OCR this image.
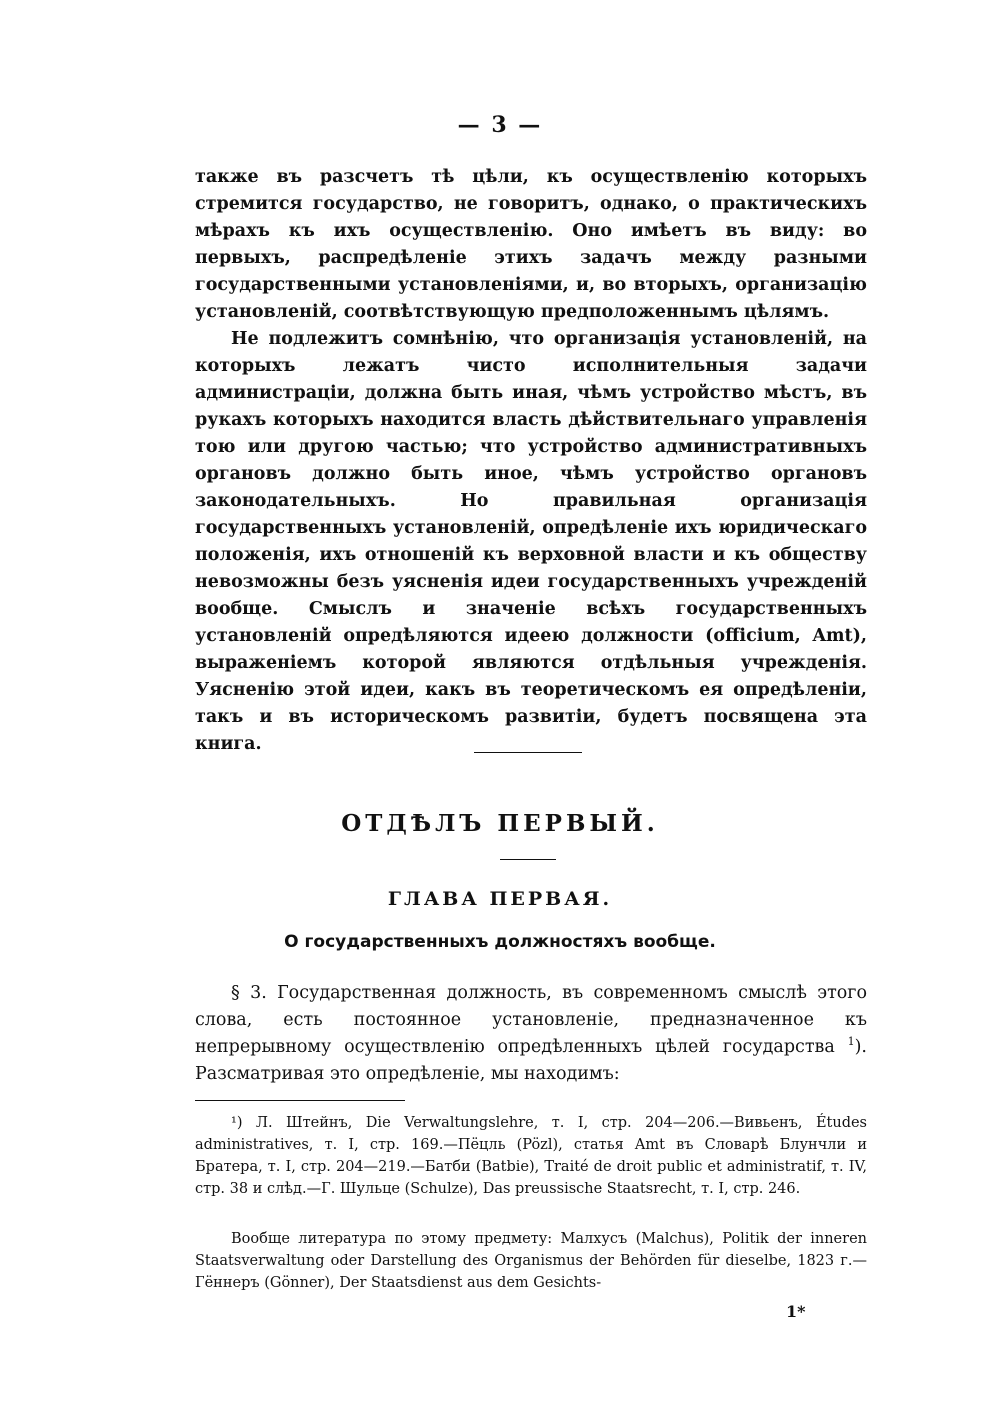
— 3 —
также въ разсчетъ тѣ цѣли, къ осуществленію которыхъ стремится государство, не говоритъ, однако, о практическихъ мѣрахъ къ ихъ осуществленію. Оно имѣетъ въ виду: во первыхъ, распредѣленіе этихъ задачъ между разными государственными установленіями, и, во вторыхъ, организацію установленій, соотвѣтствующую предположеннымъ цѣлямъ.
Не подлежитъ сомнѣнію, что организація установленій, на которыхъ лежатъ чисто исполнительныя задачи администраціи, должна быть иная, чѣмъ устройство мѣстъ, въ рукахъ которыхъ находится власть дѣйствительнаго управленія тою или другою частью; что устройство административныхъ органовъ должно быть иное, чѣмъ устройство органовъ законодательныхъ. Но правильная организація государственныхъ установленій, опредѣленіе ихъ юридическаго положенія, ихъ отношеній къ верховной власти и къ обществу невозможны безъ уясненія идеи государственныхъ учрежденій вообще. Смыслъ и значеніе всѣхъ государственныхъ установленій опредѣляются идеею должности (officium, Amt), выраженіемъ которой являются отдѣльныя учрежденія. Уясненію этой идеи, какъ въ теоретическомъ ея опредѣленіи, такъ и въ историческомъ развитіи, будетъ посвящена эта книга.
ОТДѢЛЪ ПЕРВЫЙ.
ГЛАВА ПЕРВАЯ.
О государственныхъ должностяхъ вообще.
§ 3. Государственная должность, въ современномъ смыслѣ этого слова, есть постоянное установленіе, предназначенное къ непрерывному осуществленію опредѣленныхъ цѣлей государства $^1$). Разсматривая это опредѣленіе, мы находимъ:
¹) Л. Штейнъ, Die Verwaltungslehre, т. I, стр. 204—206.—Вивьенъ, Études administratives, т. I, стр. 169.—Пёцль (Pözl), статья Amt въ Словарѣ Блунчли и Братера, т. I, стр. 204—219.—Батби (Batbie), Traité de droit public et administratif, т. IV, стр. 38 и слѣд.—Г. Шульце (Schulze), Das preussische Staatsrecht, т. I, стр. 246.
Вообще литература по этому предмету: Малхусъ (Malchus), Politik der inneren Staatsverwaltung oder Darstellung des Organismus der Behörden für dieselbe, 1823 г.—Гённеръ (Gönner), Der Staatsdienst aus dem Gesichts-
1*
